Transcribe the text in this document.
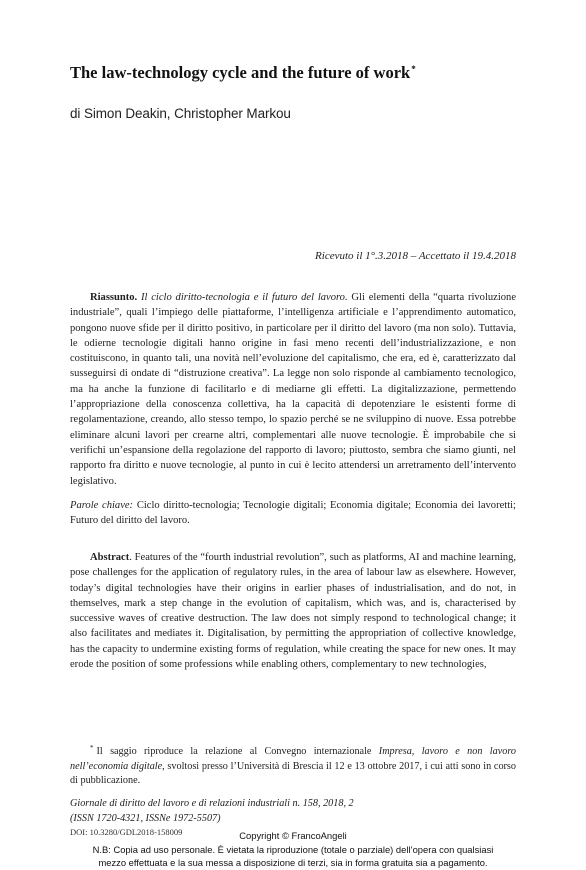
The law-technology cycle and the future of work*
di Simon Deakin, Christopher Markou
Ricevuto il 1°.3.2018 – Accettato il 19.4.2018
Riassunto. Il ciclo diritto-tecnologia e il futuro del lavoro. Gli elementi della “quarta rivoluzione industriale”, quali l’impiego delle piattaforme, l’intelligenza artificiale e l’apprendimento automatico, pongono nuove sfide per il diritto positivo, in particolare per il diritto del lavoro (ma non solo). Tuttavia, le odierne tecnologie digitali hanno origine in fasi meno recenti dell’industrializzazione, e non costituiscono, in quanto tali, una novità nell’evoluzione del capitalismo, che era, ed è, caratterizzato dal susseguirsi di ondate di “distruzione creativa”. La legge non solo risponde al cambiamento tecnologico, ma ha anche la funzione di facilitarlo e di mediarne gli effetti. La digitalizzazione, permettendo l’appropriazione della conoscenza collettiva, ha la capacità di depotenziare le esistenti forme di regolamentazione, creando, allo stesso tempo, lo spazio perché se ne sviluppino di nuove. Essa potrebbe eliminare alcuni lavori per crearne altri, complementari alle nuove tecnologie. È improbabile che si verifichi un’espansione della regolazione del rapporto di lavoro; piuttosto, sembra che siamo giunti, nel rapporto fra diritto e nuove tecnologie, al punto in cui è lecito attendersi un arretramento dell’intervento legislativo.
Parole chiave: Ciclo diritto-tecnologia; Tecnologie digitali; Economia digitale; Economia dei lavoretti; Futuro del diritto del lavoro.
Abstract. Features of the “fourth industrial revolution”, such as platforms, AI and machine learning, pose challenges for the application of regulatory rules, in the area of labour law as elsewhere. However, today’s digital technologies have their origins in earlier phases of industrialisation, and do not, in themselves, mark a step change in the evolution of capitalism, which was, and is, characterised by successive waves of creative destruction. The law does not simply respond to technological change; it also facilitates and mediates it. Digitalisation, by permitting the appropriation of collective knowledge, has the capacity to undermine existing forms of regulation, while creating the space for new ones. It may erode the position of some professions while enabling others, complementary to new technologies,
* Il saggio riproduce la relazione al Convegno internazionale Impresa, lavoro e non lavoro nell’economia digitale, svoltosi presso l’Università di Brescia il 12 e 13 ottobre 2017, i cui atti sono in corso di pubblicazione.
Giornale di diritto del lavoro e di relazioni industriali n. 158, 2018, 2
(ISSN 1720-4321, ISSNe 1972-5507)
DOI: 10.3280/GDL2018-158009	Copyright © FrancoAngeli
N.B: Copia ad uso personale. È vietata la riproduzione (totale o parziale) dell’opera con qualsiasi
mezzo effettuata e la sua messa a disposizione di terzi, sia in forma gratuita sia a pagamento.
